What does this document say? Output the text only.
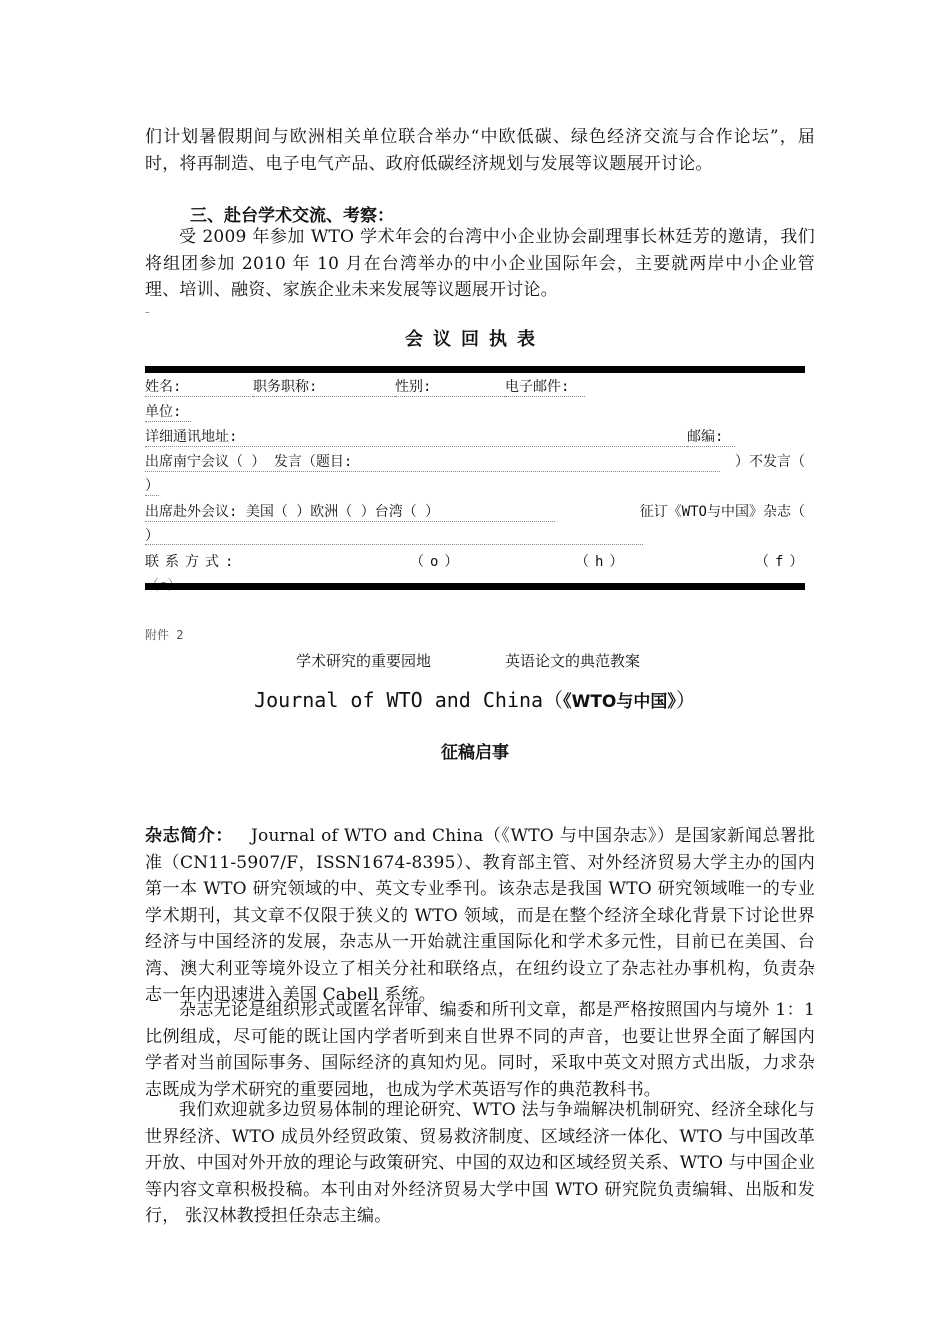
们计划暑假期间与欧洲相关单位联合举办“中欧低碳、绿色经济交流与合作论坛”，届时，将再制造、电子电气产品、政府低碳经济规划与发展等议题展开讨论。

三、赴台学术交流、考察：

受 2009 年参加 WTO 学术年会的台湾中小企业协会副理事长林廷芳的邀请，我们将组团参加 2010 年 10 月在台湾举办的中小企业国际年会，主要就两岸中小企业管理、培训、融资、家族企业未来发展等议题展开讨论。

–
会议回执表
姓名:	职务职称:	性别:	电子邮件:
单位:
详细通讯地址:	邮编:
出席南宁会议（ ） 发言（题目:	）不发言（
）
出席赴外会议: 美国（ ）欧洲（ ）台湾（ ）	征订《WTO与中国》杂志（
）
联系方式:	（o）	（h）	（f）
附件 2
学术研究的重要园地	英语论文的典范教案
Journal of WTO and China（《WTO与中国》）
征稿启事

杂志简介： Journal of WTO and China（《WTO 与中国杂志》）是国家新闻总署批准（CN11-5907/F，ISSN1674-8395）、教育部主管、对外经济贸易大学主办的国内第一本 WTO 研究领域的中、英文专业季刊。该杂志是我国 WTO 研究领域唯一的专业学术期刊，其文章不仅限于狭义的 WTO 领域，而是在整个经济全球化背景下讨论世界经济与中国经济的发展，杂志从一开始就注重国际化和学术多元性，目前已在美国、台湾、澳大利亚等境外设立了相关分社和联络点，在纽约设立了杂志社办事机构，负责杂志一年内迅速进入美国 Cabell 系统。

杂志无论是组织形式或匿名评审、编委和所刊文章，都是严格按照国内与境外 1：1 比例组成，尽可能的既让国内学者听到来自世界不同的声音，也要让世界全面了解国内学者对当前国际事务、国际经济的真知灼见。同时，采取中英文对照方式出版，力求杂志既成为学术研究的重要园地，也成为学术英语写作的典范教科书。

我们欢迎就多边贸易体制的理论研究、WTO 法与争端解决机制研究、经济全球化与世界经济、WTO 成员外经贸政策、贸易救济制度、区域经济一体化、WTO 与中国改革开放、中国对外开放的理论与政策研究、中国的双边和区域经贸关系、WTO 与中国企业等内容文章积极投稿。本刊由对外经济贸易大学中国 WTO 研究院负责编辑、出版和发行， 张汉林教授担任杂志主编。
